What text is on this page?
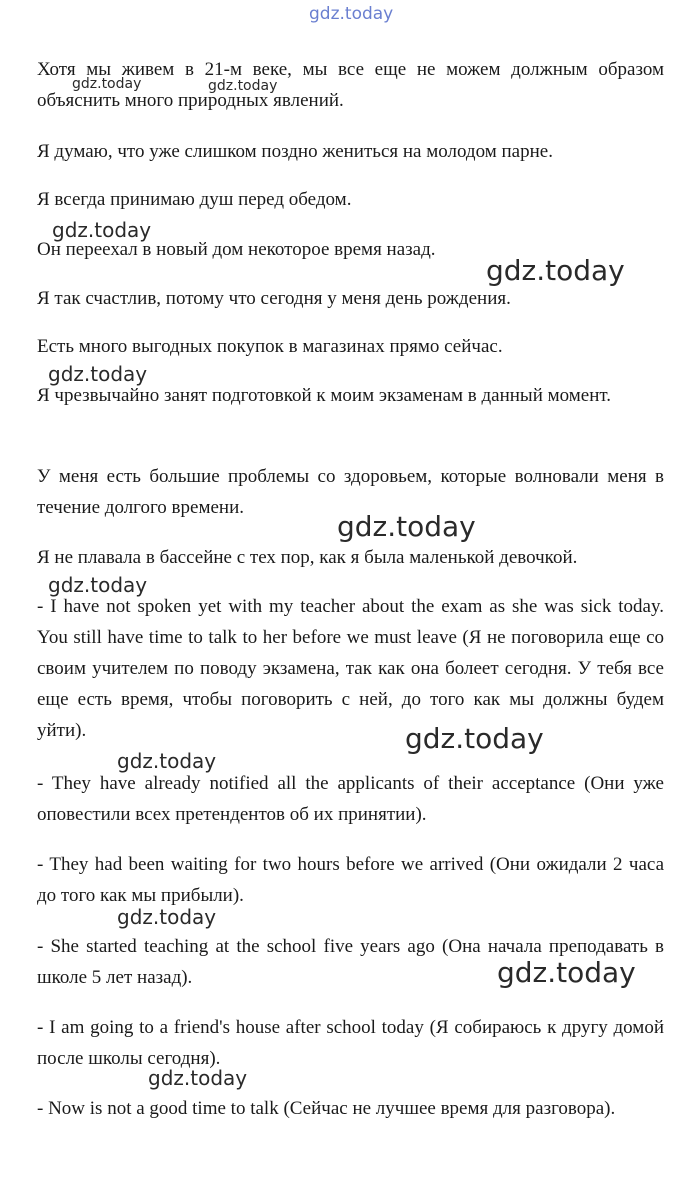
Хотя мы живем в 21-м веке, мы все еще не можем должным образом объяснить много природных явлений.

Я думаю, что уже слишком поздно жениться на молодом парне.

Я всегда принимаю душ перед обедом.

Он переехал в новый дом некоторое время назад.

Я так счастлив, потому что сегодня у меня день рождения.

Есть много выгодных покупок в магазинах прямо сейчас.

Я чрезвычайно занят подготовкой к моим экзаменам в данный момент.

У меня есть большие проблемы со здоровьем, которые волновали меня в течение долгого времени.

Я не плавала в бассейне с тех пор, как я была маленькой девочкой.

- I have not spoken yet with my teacher about the exam as she was sick today. You still have time to talk to her before we must leave (Я не поговорила еще со своим учителем по поводу экзамена, так как она болеет сегодня. У тебя все еще есть время, чтобы поговорить с ней, до того как мы должны будем уйти).

- They have already notified all the applicants of their acceptance (Они уже оповестили всех претендентов об их принятии).

- They had been waiting for two hours before we arrived (Они ожидали 2 часа до того как мы прибыли).

- She started teaching at the school five years ago (Она начала преподавать в школе 5 лет назад).

- I am going to a friend's house after school today (Я собираюсь к другу домой после школы сегодня).

- Now is not a good time to talk (Сейчас не лучшее время для разговора).

gdz.today
gdz.today	gdz.today
gdz.today
gdz.today
gdz.today
gdz.today
gdz.today
gdz.today
gdz.today
gdz.today
gdz.today
gdz.today
